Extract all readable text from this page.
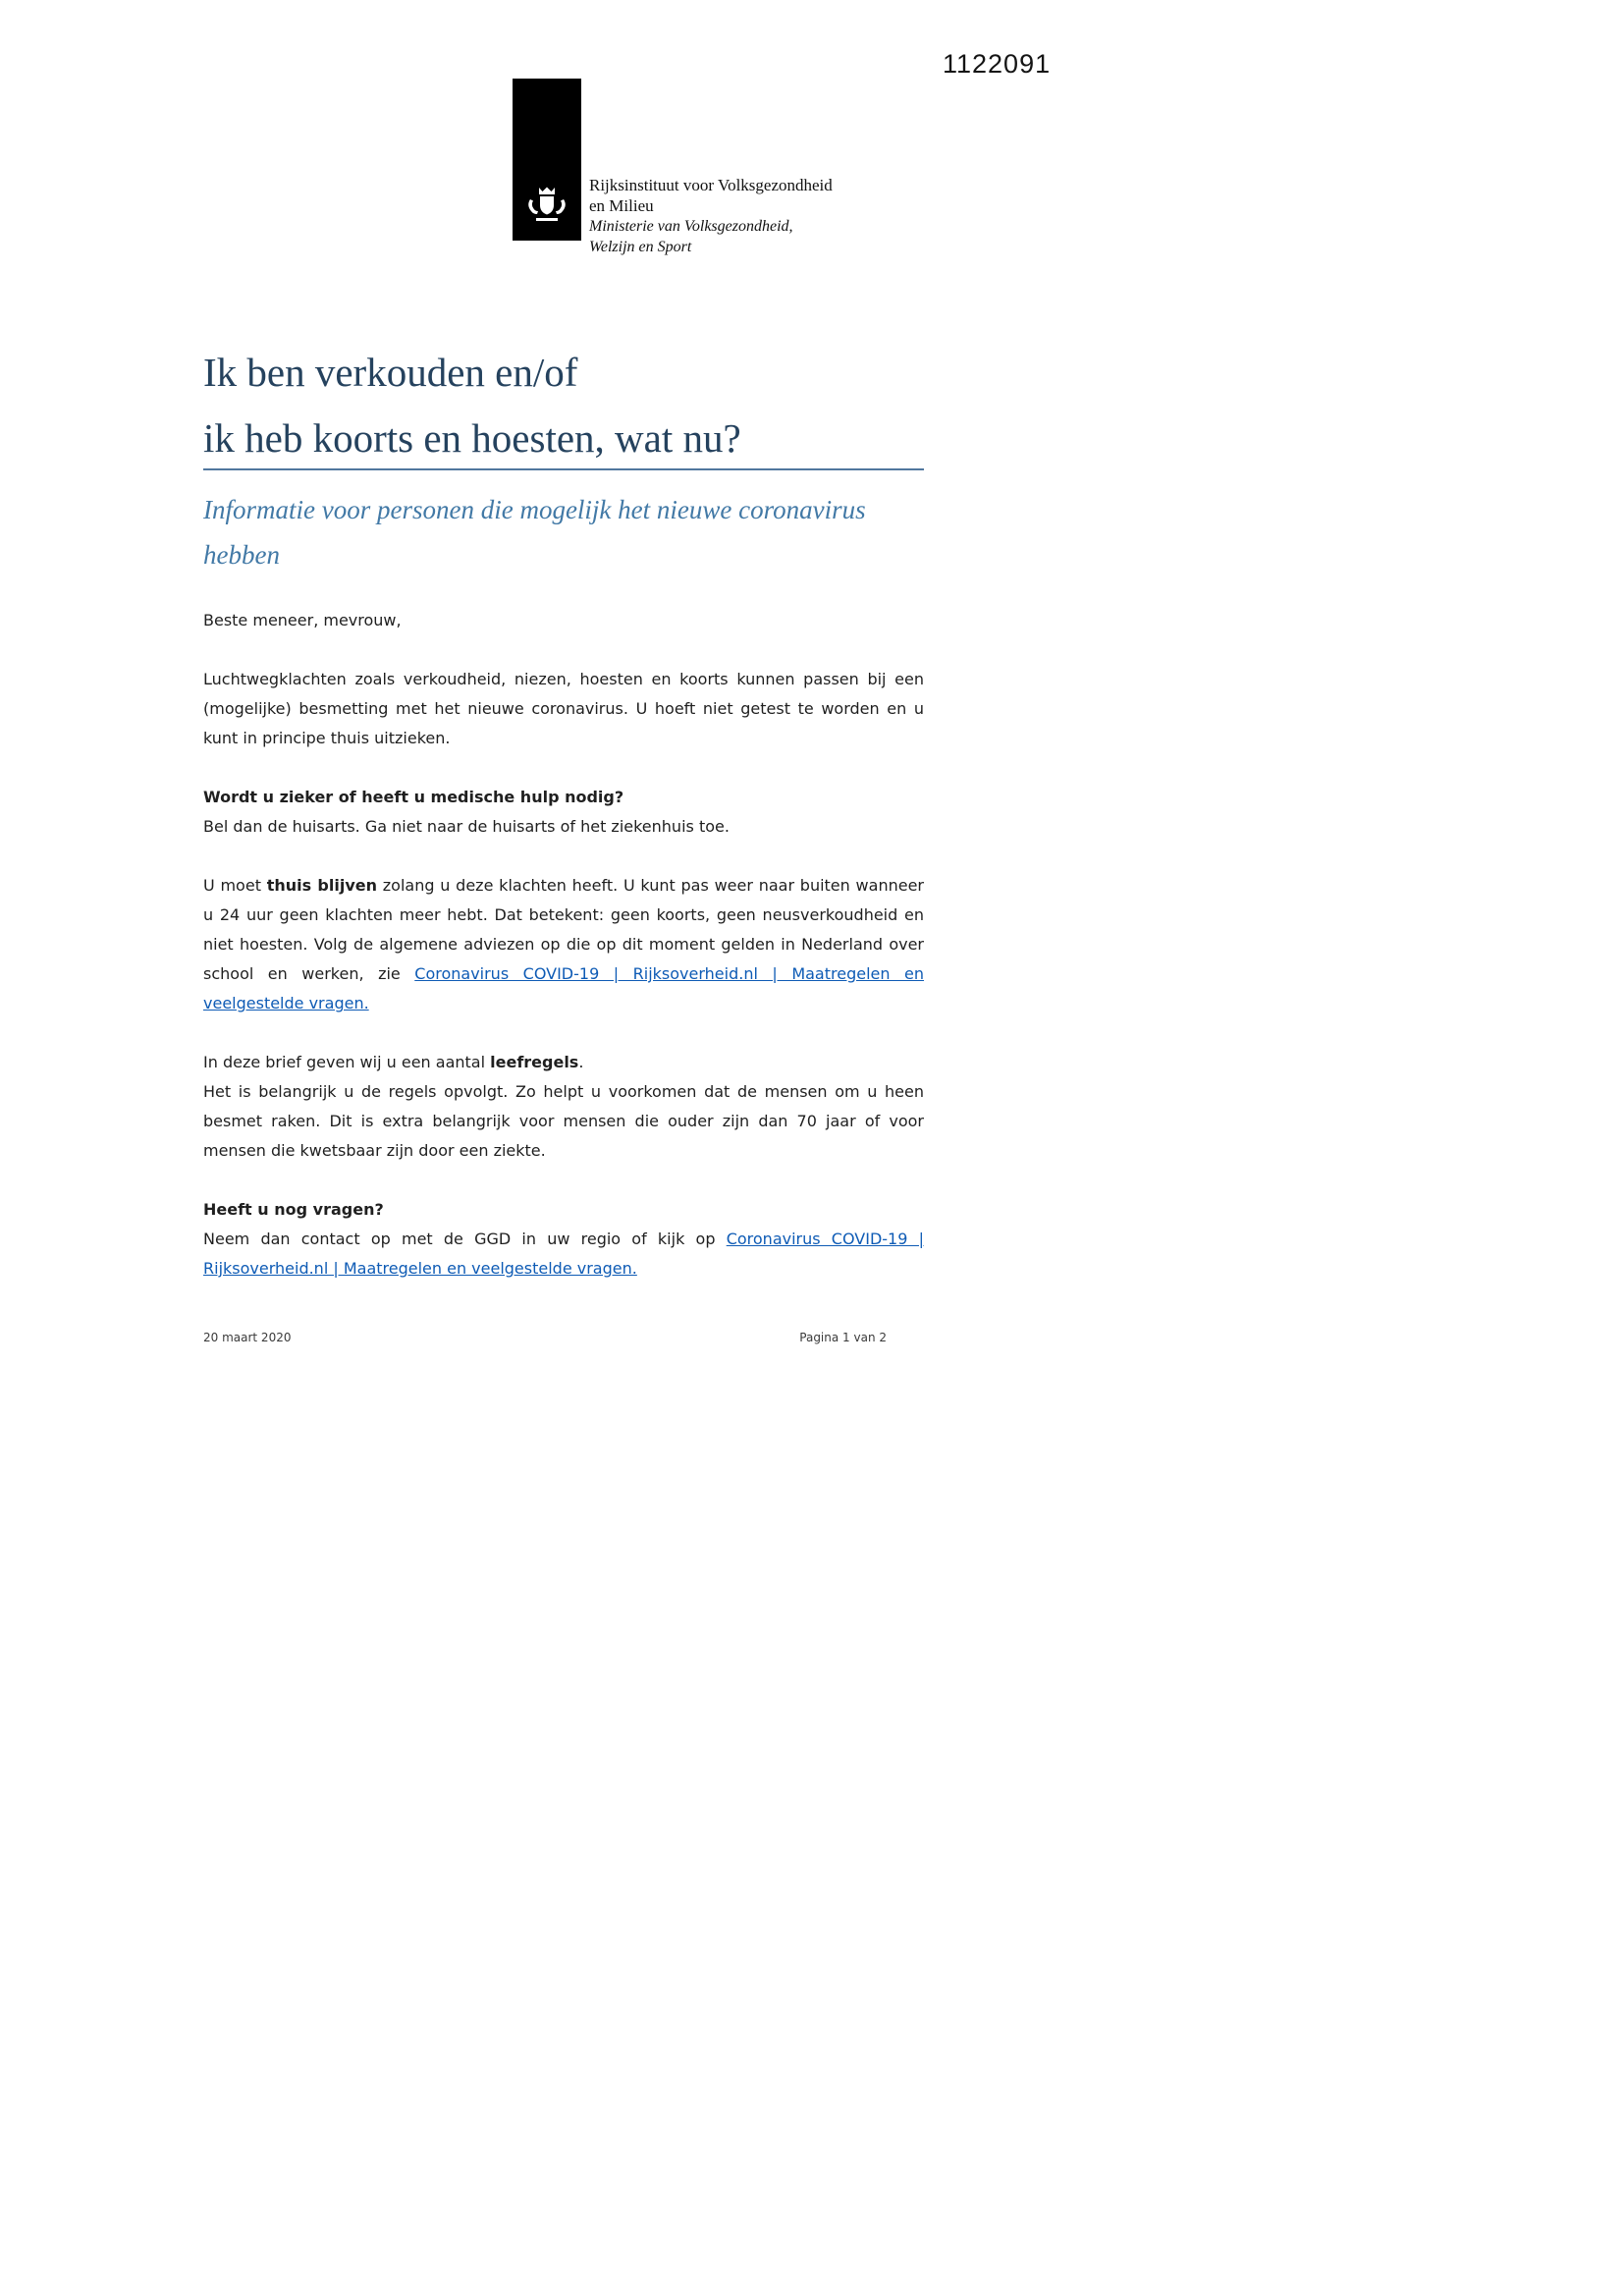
1122091
Rijksinstituut voor Volksgezondheid
en Milieu
Ministerie van Volksgezondheid,
Welzijn en Sport
Ik ben verkouden en/of
ik heb koorts en hoesten, wat nu?
Informatie voor personen die mogelijk het nieuwe coronavirus hebben

Beste meneer, mevrouw,

Luchtwegklachten zoals verkoudheid, niezen, hoesten en koorts kunnen passen bij een (mogelijke) besmetting met het nieuwe coronavirus. U hoeft niet getest te worden en u kunt in principe thuis uitzieken.

Wordt u zieker of heeft u medische hulp nodig?

Bel dan de huisarts. Ga niet naar de huisarts of het ziekenhuis toe.

U moet thuis blijven zolang u deze klachten heeft. U kunt pas weer naar buiten wanneer u 24 uur geen klachten meer hebt. Dat betekent: geen koorts, geen neusverkoudheid en niet hoesten. Volg de algemene adviezen op die op dit moment gelden in Nederland over school en werken, zie Coronavirus COVID-19 | Rijksoverheid.nl | Maatregelen en veelgestelde vragen.

In deze brief geven wij u een aantal leefregels.

Het is belangrijk u de regels opvolgt. Zo helpt u voorkomen dat de mensen om u heen besmet raken. Dit is extra belangrijk voor mensen die ouder zijn dan 70 jaar of voor mensen die kwetsbaar zijn door een ziekte.

Heeft u nog vragen?

Neem dan contact op met de GGD in uw regio of kijk op Coronavirus COVID-19 | Rijksoverheid.nl | Maatregelen en veelgestelde vragen.

20 maart 2020	Pagina 1 van 2
